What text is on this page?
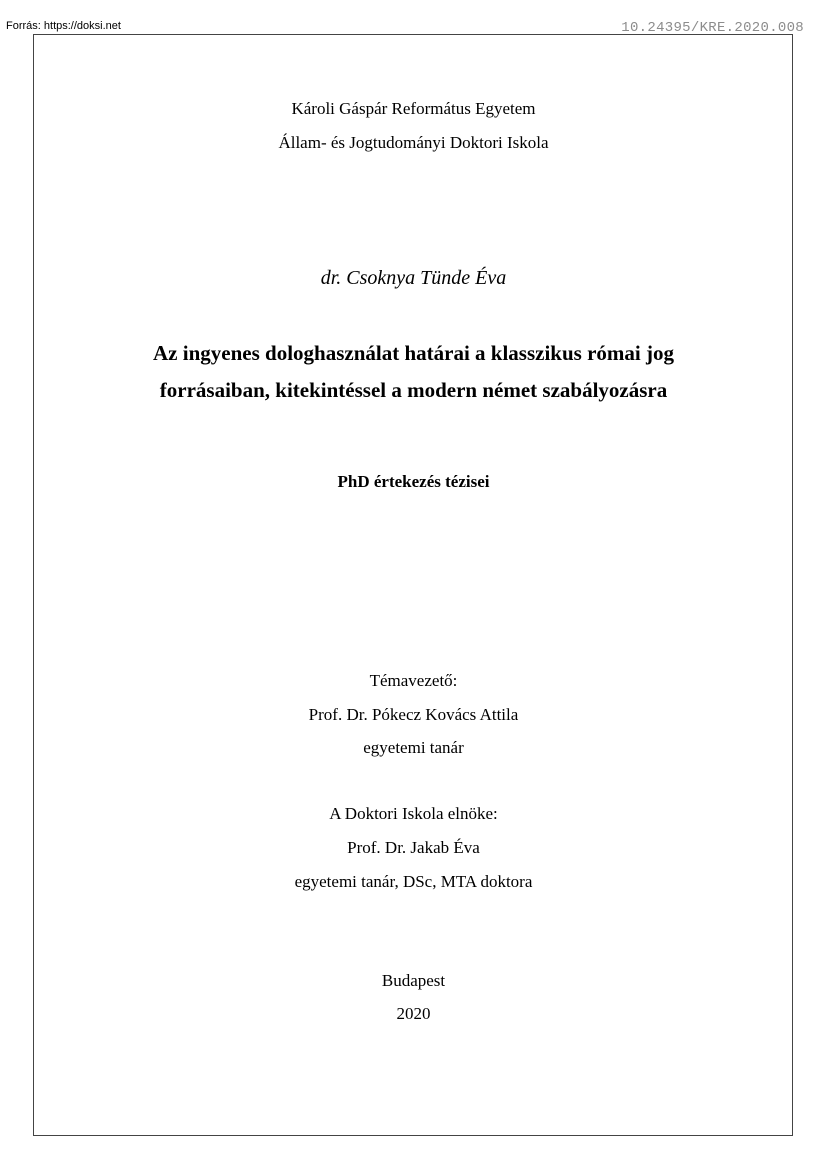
Forrás: https://doksi.net	10.24395/KRE.2020.008
Károli Gáspár Református Egyetem
Állam- és Jogtudományi Doktori Iskola
dr. Csoknya Tünde Éva
Az ingyenes dologhasználat határai a klasszikus római jog
forrásaiban, kitekintéssel a modern német szabályozásra
PhD értekezés tézisei
Témavezető:
Prof. Dr. Pókecz Kovács Attila
egyetemi tanár
A Doktori Iskola elnöke:
Prof. Dr. Jakab Éva
egyetemi tanár, DSc, MTA doktora
Budapest
2020
